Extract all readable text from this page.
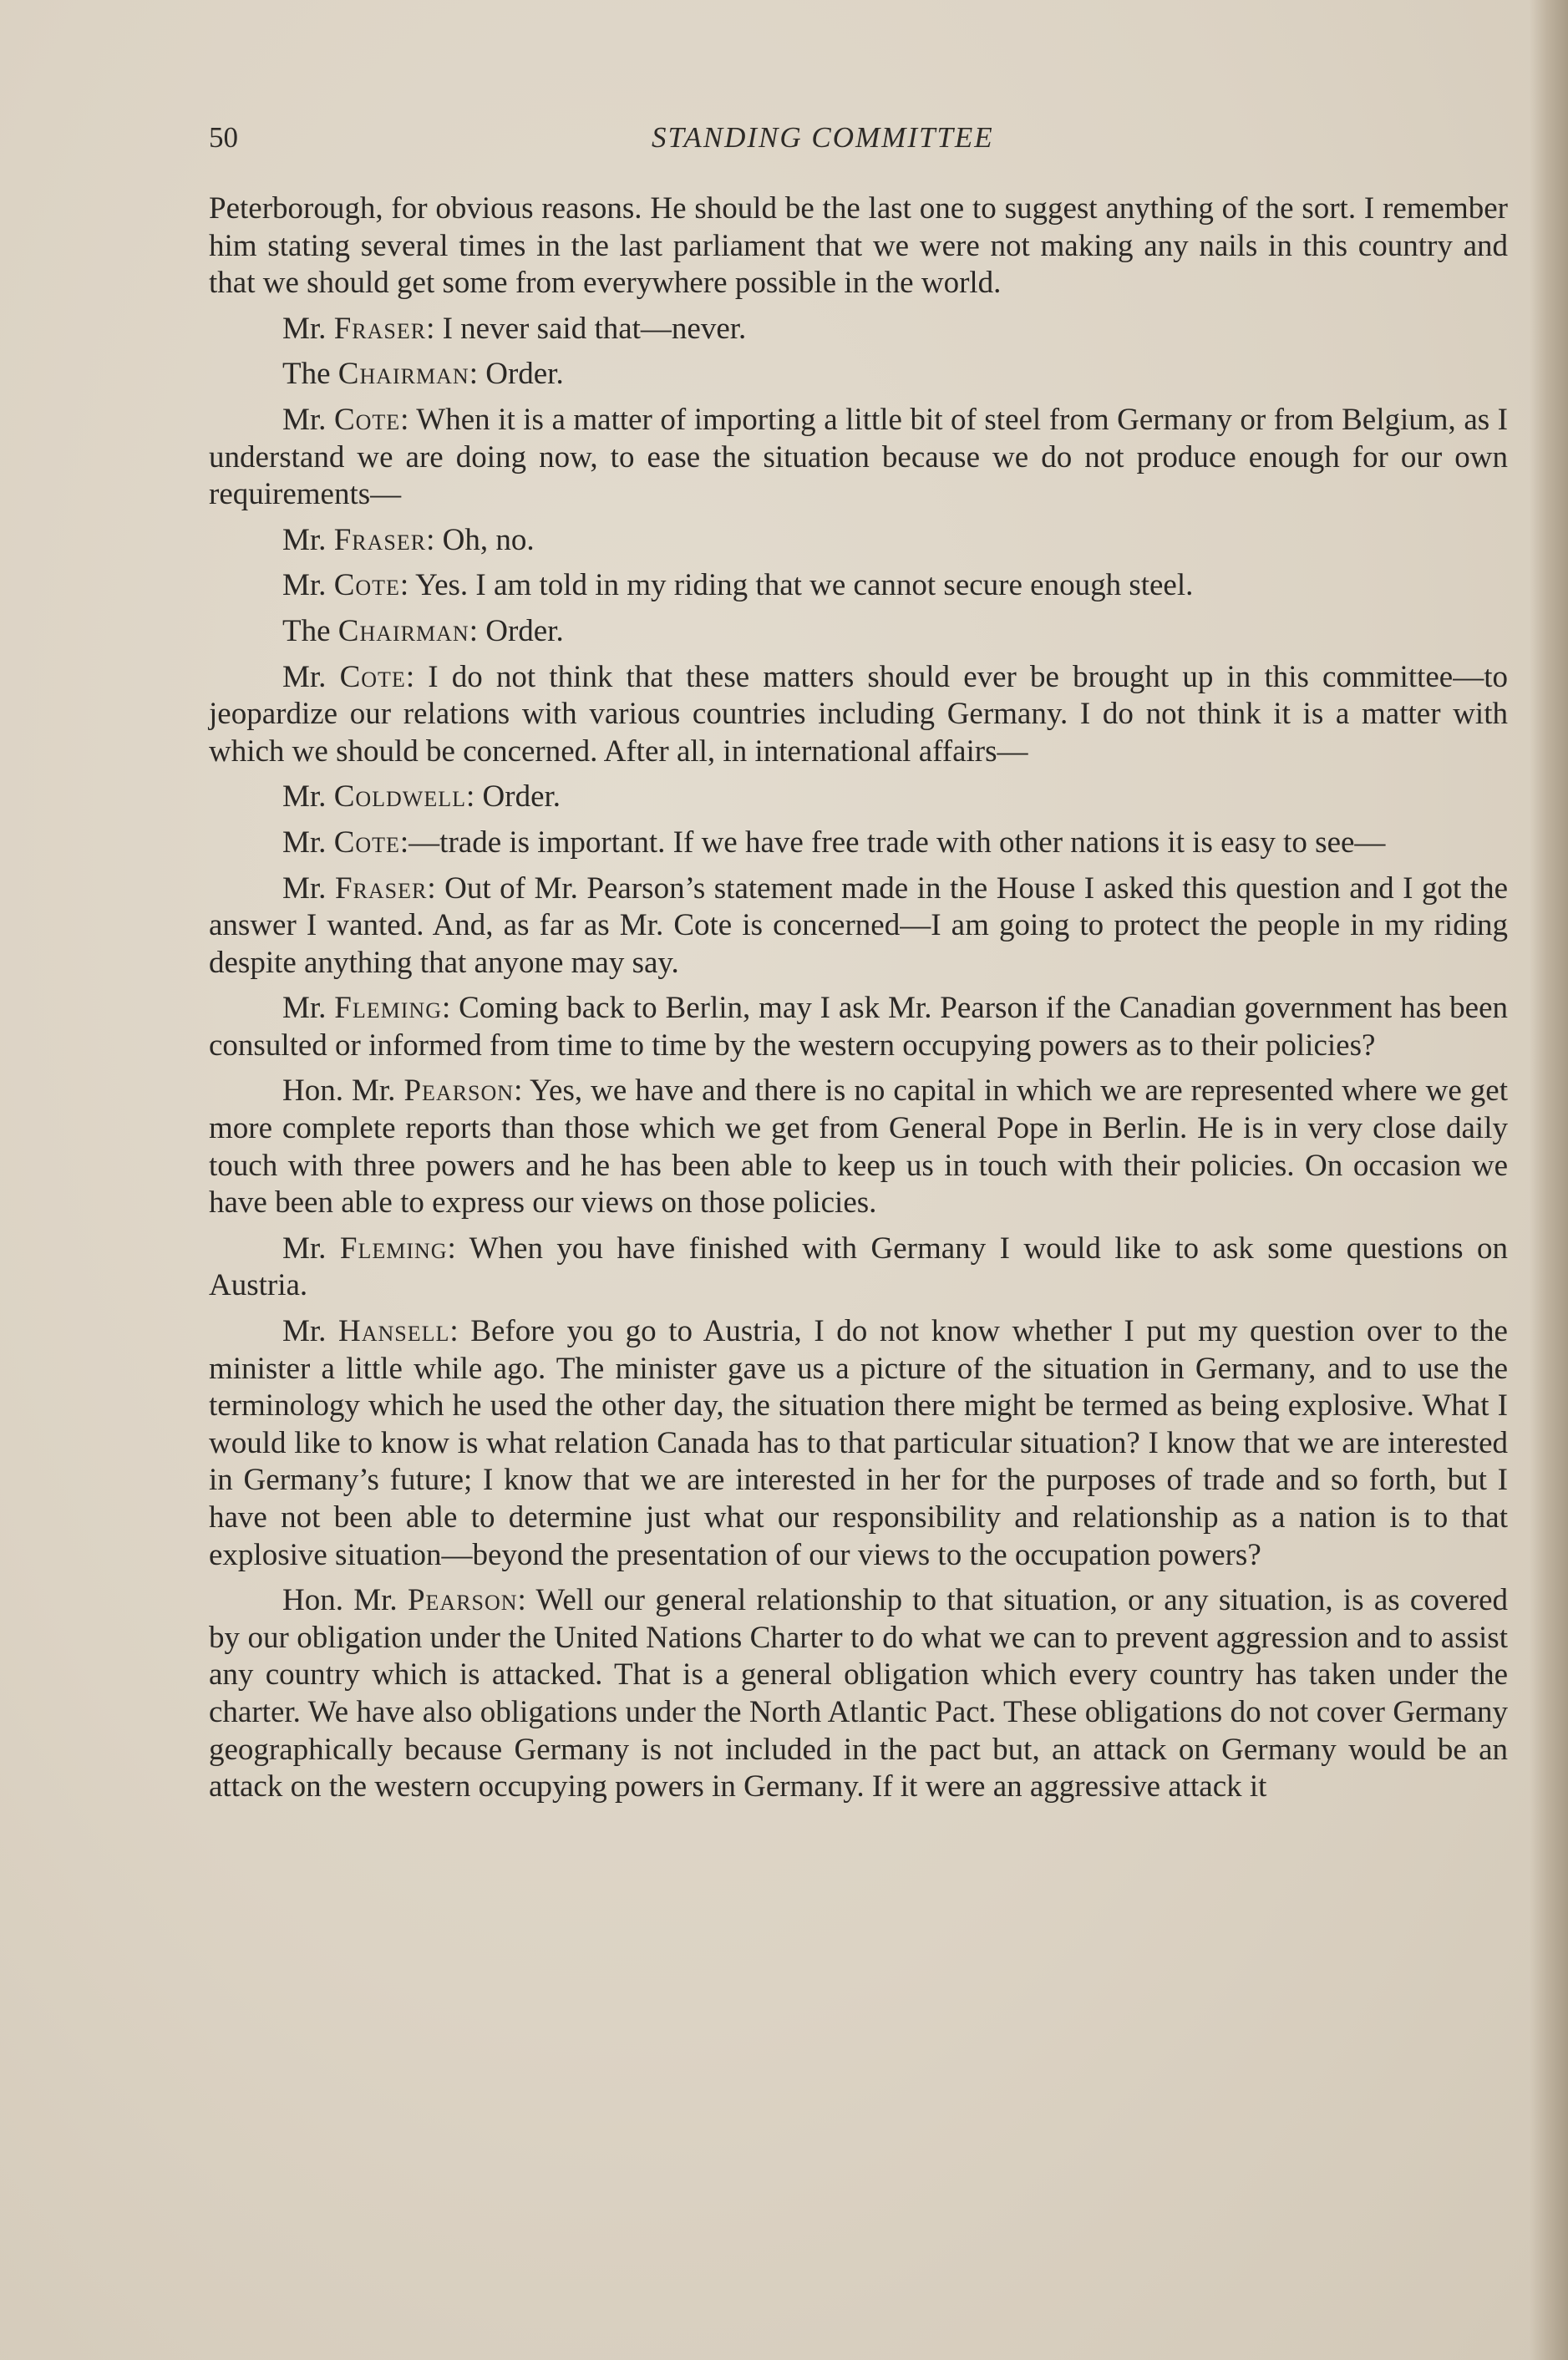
50	STANDING COMMITTEE

Peterborough, for obvious reasons. He should be the last one to suggest anything of the sort. I remember him stating several times in the last parliament that we were not making any nails in this country and that we should get some from everywhere possible in the world.

Mr. Fraser: I never said that—never.

The Chairman: Order.

Mr. Cote: When it is a matter of importing a little bit of steel from Germany or from Belgium, as I understand we are doing now, to ease the situation because we do not produce enough for our own requirements—

Mr. Fraser: Oh, no.

Mr. Cote: Yes. I am told in my riding that we cannot secure enough steel.

The Chairman: Order.

Mr. Cote: I do not think that these matters should ever be brought up in this committee—to jeopardize our relations with various countries including Germany. I do not think it is a matter with which we should be concerned. After all, in international affairs—

Mr. Coldwell: Order.

Mr. Cote:—trade is important. If we have free trade with other nations it is easy to see—

Mr. Fraser: Out of Mr. Pearson’s statement made in the House I asked this question and I got the answer I wanted. And, as far as Mr. Cote is concerned—I am going to protect the people in my riding despite anything that anyone may say.

Mr. Fleming: Coming back to Berlin, may I ask Mr. Pearson if the Canadian government has been consulted or informed from time to time by the western occupying powers as to their policies?

Hon. Mr. Pearson: Yes, we have and there is no capital in which we are represented where we get more complete reports than those which we get from General Pope in Berlin. He is in very close daily touch with three powers and he has been able to keep us in touch with their policies. On occasion we have been able to express our views on those policies.

Mr. Fleming: When you have finished with Germany I would like to ask some questions on Austria.

Mr. Hansell: Before you go to Austria, I do not know whether I put my question over to the minister a little while ago. The minister gave us a picture of the situation in Germany, and to use the terminology which he used the other day, the situation there might be termed as being explosive. What I would like to know is what relation Canada has to that particular situation? I know that we are interested in Germany’s future; I know that we are interested in her for the purposes of trade and so forth, but I have not been able to determine just what our responsibility and relationship as a nation is to that explosive situation—beyond the presentation of our views to the occupation powers?

Hon. Mr. Pearson: Well our general relationship to that situation, or any situation, is as covered by our obligation under the United Nations Charter to do what we can to prevent aggression and to assist any country which is attacked. That is a general obligation which every country has taken under the charter. We have also obligations under the North Atlantic Pact. These obligations do not cover Germany geographically because Germany is not included in the pact but, an attack on Germany would be an attack on the western occupying powers in Germany. If it were an aggressive attack it
